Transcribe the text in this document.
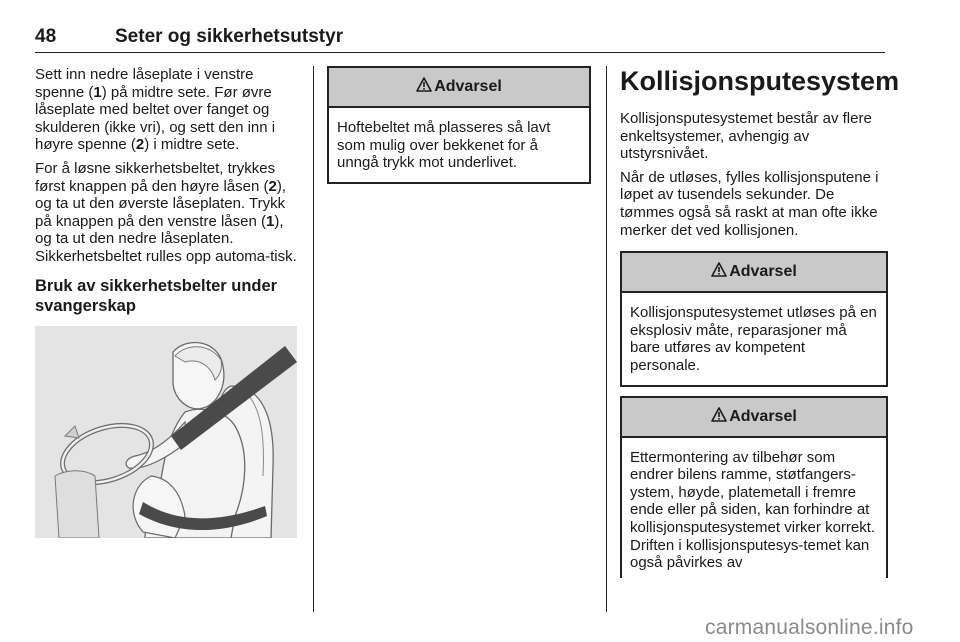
48	Seter og sikkerhetsutstyr

Sett inn nedre låseplate i venstre spenne (1) på midtre sete. Før øvre låseplate med beltet over fanget og skulderen (ikke vri), og sett den inn i høyre spenne (2) i midtre sete.

For å løsne sikkerhetsbeltet, trykkes først knappen på den høyre låsen (2), og ta ut den øverste låseplaten. Trykk på knappen på den venstre låsen (1), og ta ut den nedre låseplaten. Sikkerhetsbeltet rulles opp automa-tisk.

Bruk av sikkerhetsbelter under svangerskap
Advarsel

Hoftebeltet må plasseres så lavt som mulig over bekkenet for å unngå trykk mot underlivet.

Kollisjonsputesystem

Kollisjonsputesystemet består av flere enkeltsystemer, avhengig av utstyrsnivået.

Når de utløses, fylles kollisjonsputene i løpet av tusendels sekunder. De tømmes også så raskt at man ofte ikke merker det ved kollisjonen.

Advarsel

Kollisjonsputesystemet utløses på en eksplosiv måte, reparasjoner må bare utføres av kompetent personale.

Advarsel

Ettermontering av tilbehør som endrer bilens ramme, støtfangers-ystem, høyde, platemetall i fremre ende eller på siden, kan forhindre at kollisjonsputesystemet virker korrekt. Driften i kollisjonsputesys-temet kan også påvirkes av

carmanualsonline.info
